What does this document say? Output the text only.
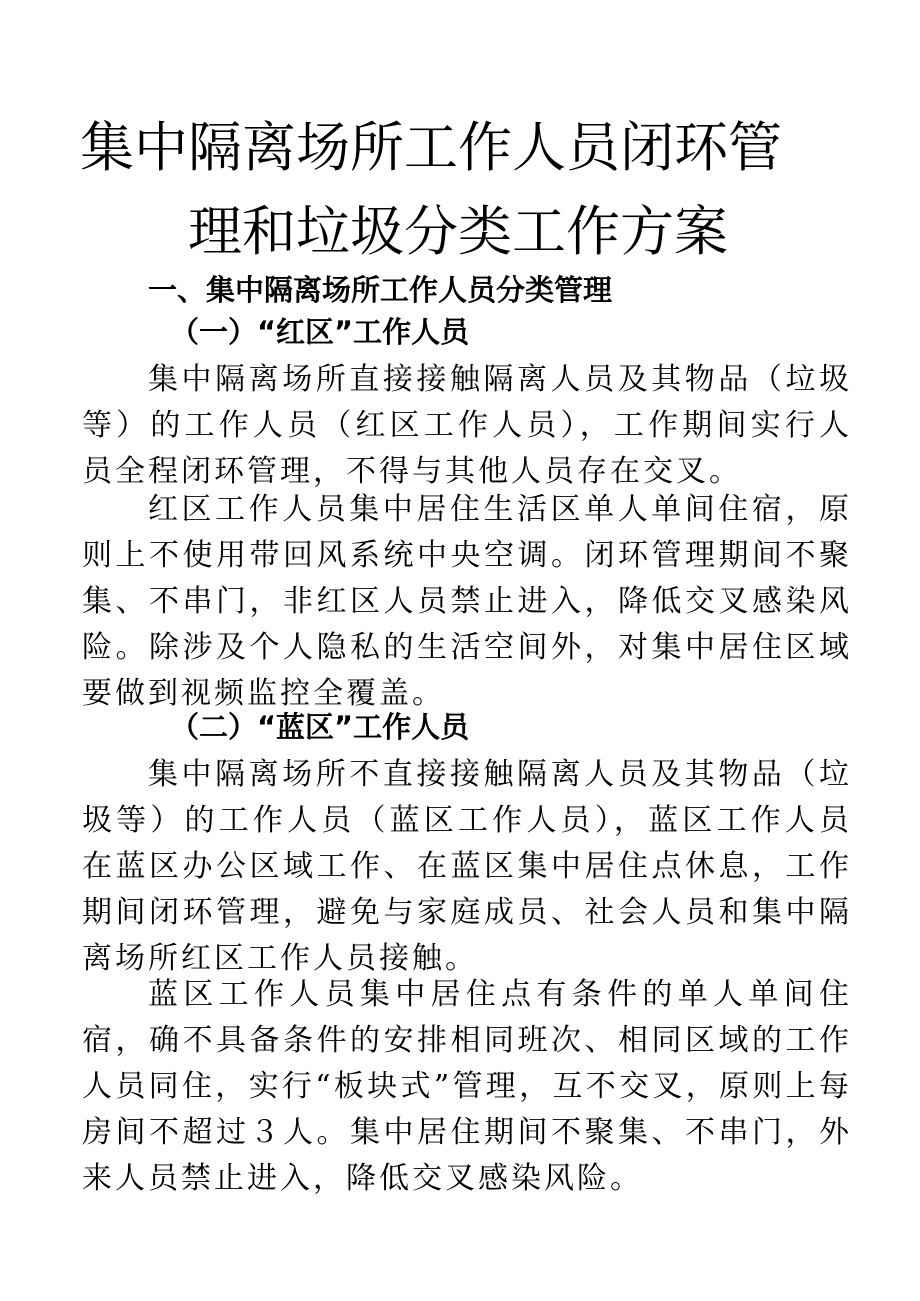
集中隔离场所工作人员闭环管
理和垃圾分类工作方案
一、集中隔离场所工作人员分类管理
（一）“红区”工作人员

集中隔离场所直接接触隔离人员及其物品（垃圾等）的工作人员（红区工作人员），工作期间实行人员全程闭环管理，不得与其他人员存在交叉。

红区工作人员集中居住生活区单人单间住宿，原则上不使用带回风系统中央空调。闭环管理期间不聚集、不串门，非红区人员禁止进入，降低交叉感染风险。除涉及个人隐私的生活空间外，对集中居住区域要做到视频监控全覆盖。

（二）“蓝区”工作人员

集中隔离场所不直接接触隔离人员及其物品（垃圾等）的工作人员（蓝区工作人员），蓝区工作人员在蓝区办公区域工作、在蓝区集中居住点休息，工作期间闭环管理，避免与家庭成员、社会人员和集中隔离场所红区工作人员接触。

蓝区工作人员集中居住点有条件的单人单间住宿，确不具备条件的安排相同班次、相同区域的工作人员同住，实行“板块式”管理，互不交叉，原则上每房间不超过３人。集中居住期间不聚集、不串门，外来人员禁止进入，降低交叉感染风险。
